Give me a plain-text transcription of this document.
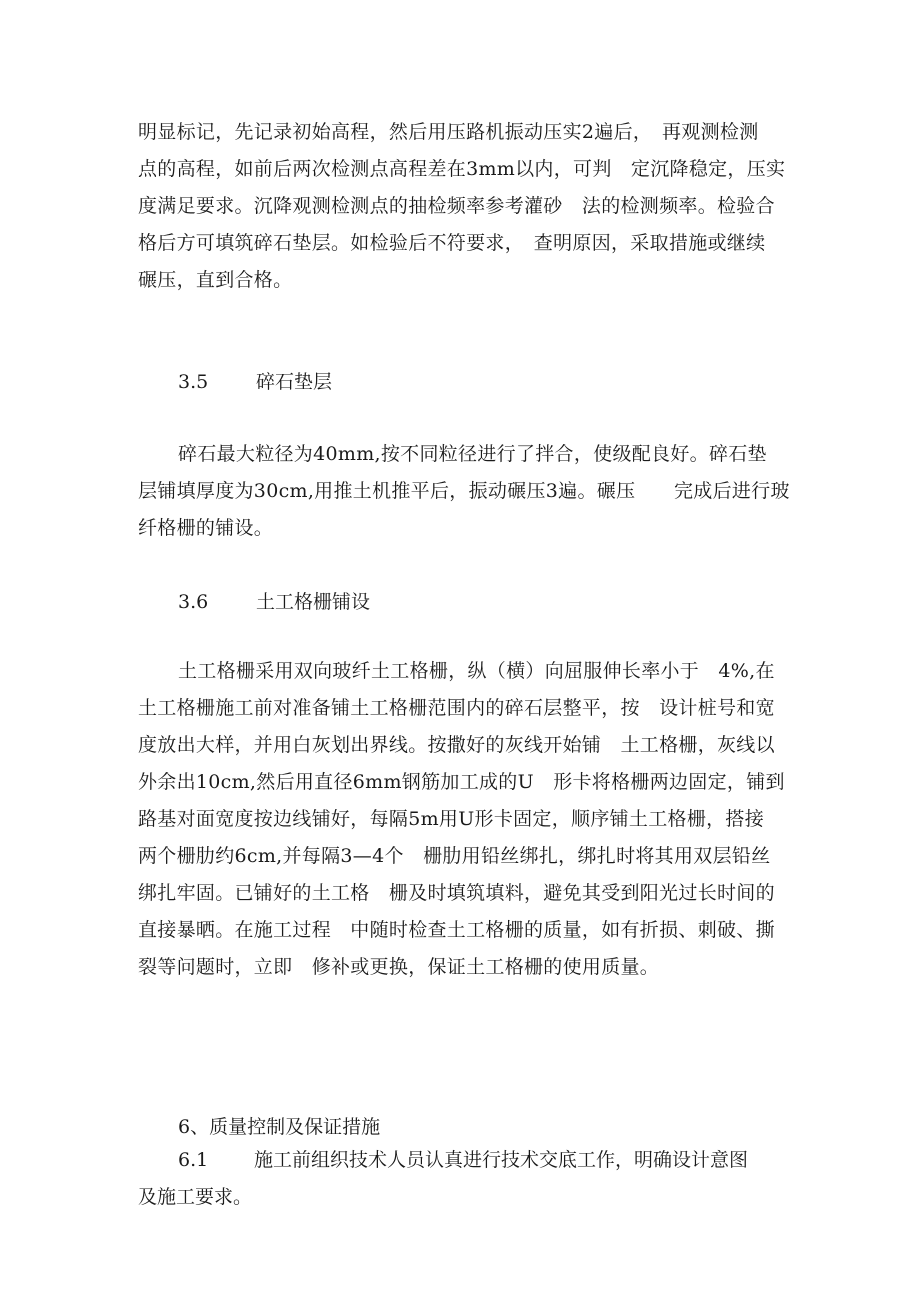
明显标记，先记录初始高程，然后用压路机振动压实2遍后，　再观测检测
点的高程，如前后两次检测点高程差在3mm以内，可判　定沉降稳定，压实
度满足要求。沉降观测检测点的抽检频率参考灌砂　法的检测频率。检验合
格后方可填筑碎石垫层。如检验后不符要求，　查明原因，采取措施或继续
碾压，直到合格。
3.5	碎石垫层
碎石最大粒径为40mm,按不同粒径进行了拌合，使级配良好。碎石垫
层铺填厚度为30cm,用推土机推平后，振动碾压3遍。碾压　　完成后进行玻
纤格栅的铺设。
3.6	土工格栅铺设
土工格栅采用双向玻纤土工格栅，纵（横）向屈服伸长率小于　4%,在
土工格栅施工前对准备铺土工格栅范围内的碎石层整平，按　设计桩号和宽
度放出大样，并用白灰划出界线。按撒好的灰线开始铺　土工格栅，灰线以
外余出10cm,然后用直径6mm钢筋加工成的U　形卡将格栅两边固定，铺到
路基对面宽度按边线铺好，每隔5m用U形卡固定，顺序铺土工格栅，搭接
两个栅肋约6cm,并每隔3—4个　栅肋用铅丝绑扎，绑扎时将其用双层铅丝
绑扎牢固。已铺好的土工格　栅及时填筑填料，避免其受到阳光过长时间的
直接暴晒。在施工过程　中随时检查土工格栅的质量，如有折损、刺破、撕
裂等问题时，立即　修补或更换，保证土工格栅的使用质量。
6、质量控制及保证措施
6.1 施工前组织技术人员认真进行技术交底工作，明确设计意图
及施工要求。
